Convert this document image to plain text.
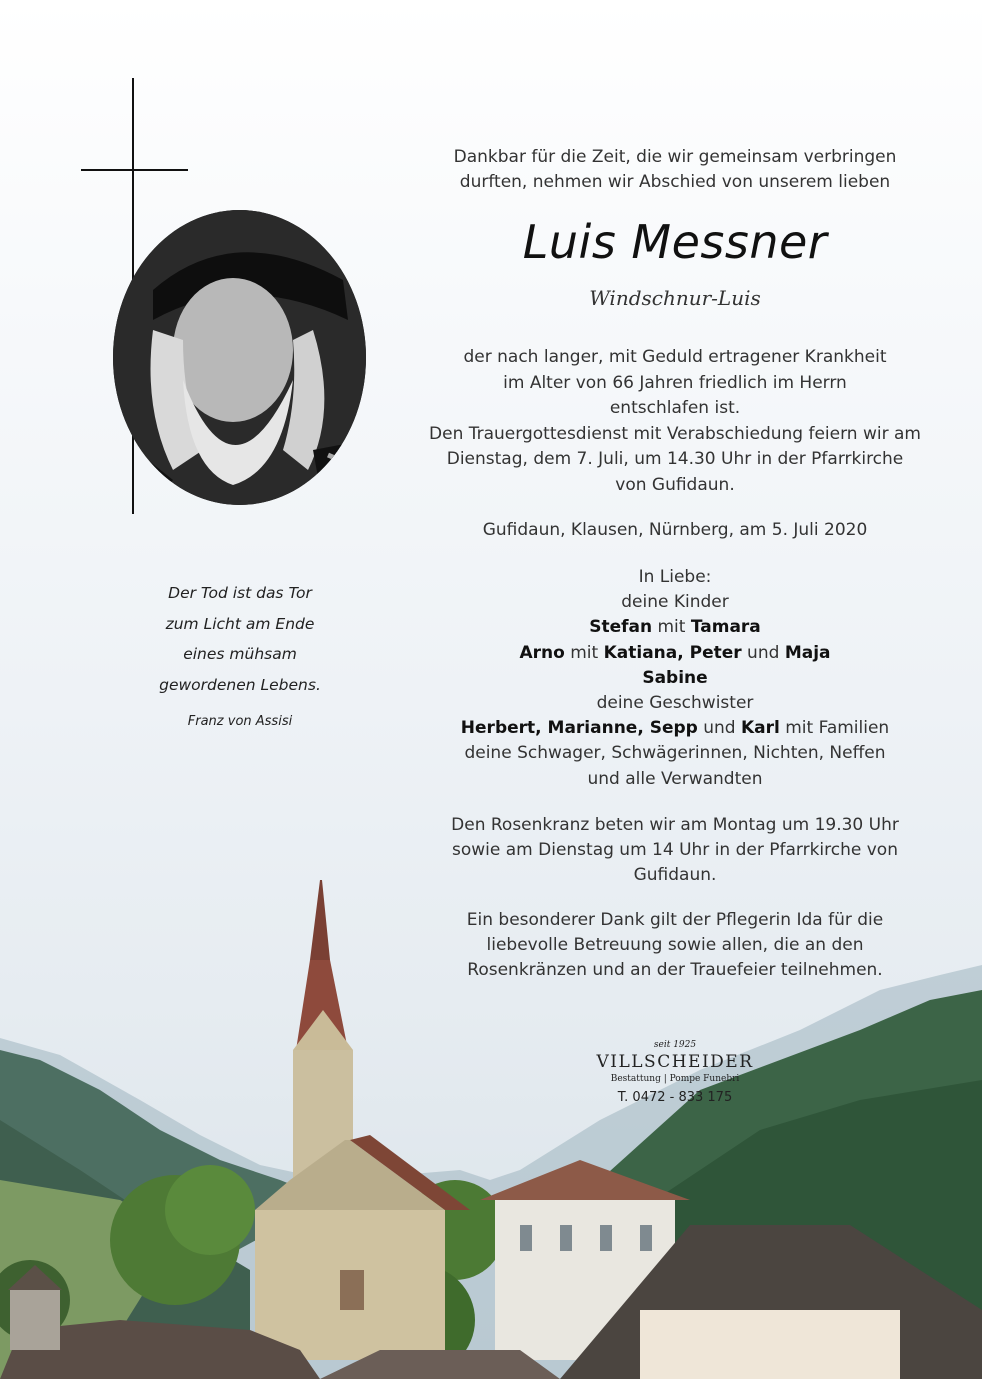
Der Tod ist das Tor
zum Licht am Ende
eines mühsam
gewordenen Lebens.
Franz von Assisi
Dankbar für die Zeit, die wir gemeinsam verbringen
durften, nehmen wir Abschied von unserem lieben
Luis Messner
Windschnur-Luis
der nach langer, mit Geduld ertragener Krankheit
im Alter von 66 Jahren friedlich im Herrn
entschlafen ist.
Den Trauergottesdienst mit Verabschiedung feiern wir am
Dienstag, dem 7. Juli, um 14.30 Uhr in der Pfarrkirche
von Gufidaun.
Gufidaun, Klausen, Nürnberg, am 5. Juli 2020
In Liebe:
deine Kinder
Stefan mit Tamara
Arno mit Katiana, Peter und Maja
Sabine
deine Geschwister
Herbert, Marianne, Sepp und Karl mit Familien
deine Schwager, Schwägerinnen, Nichten, Neffen
und alle Verwandten
Den Rosenkranz beten wir am Montag um 19.30 Uhr
sowie am Dienstag um 14 Uhr in der Pfarrkirche von
Gufidaun.
Ein besonderer Dank gilt der Pflegerin Ida für die
liebevolle Betreuung sowie allen, die an den
Rosenkränzen und an der Trauefeier teilnehmen.
seit 1925
VILLSCHEIDER
Bestattung | Pompe Funebri
T. 0472 - 833 175
